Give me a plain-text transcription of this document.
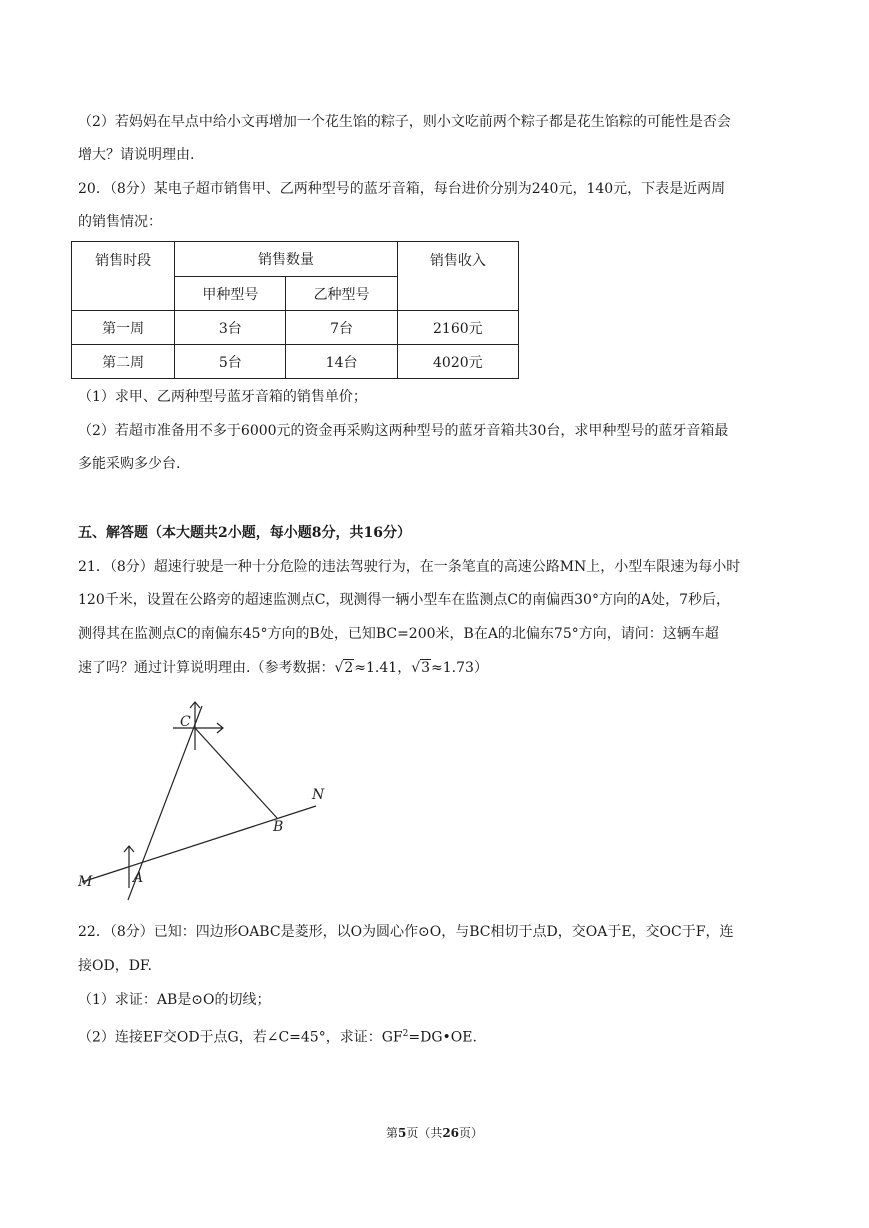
（2）若妈妈在早点中给小文再增加一个花生馅的粽子，则小文吃前两个粽子都是花生馅粽的可能性是否会
增大？请说明理由.
20．（8分）某电子超市销售甲、乙两种型号的蓝牙音箱，每台进价分别为240元，140元，下表是近两周
的销售情况：
销售时段	销售数量		销售收入
	甲种型号	乙种型号	
第一周	3台	7台	2160元
第二周	5台	14台	4020元
（1）求甲、乙两种型号蓝牙音箱的销售单价；
（2）若超市准备用不多于6000元的资金再采购这两种型号的蓝牙音箱共30台，求甲种型号的蓝牙音箱最
多能采购多少台.
五、解答题（本大题共2小题，每小题8分，共16分）
21．（8分）超速行驶是一种十分危险的违法驾驶行为，在一条笔直的高速公路MN上，小型车限速为每小时
120千米，设置在公路旁的超速监测点C，现测得一辆小型车在监测点C的南偏西30°方向的A处，7秒后，
测得其在监测点C的南偏东45°方向的B处，已知BC=200米，B在A的北偏东75°方向，请问：这辆车超
速了吗？通过计算说明理由.（参考数据：√2≈1.41，√3≈1.73）
C
N
B
M	A
22．（8分）已知：四边形OABC是菱形，以O为圆心作⊙O，与BC相切于点D，交OA于E，交OC于F，连
接OD，DF.
（1）求证：AB是⊙O的切线；
（2）连接EF交OD于点G，若∠C=45°，求证：$GF^2=DG•OE$.
第5页（共26页）
